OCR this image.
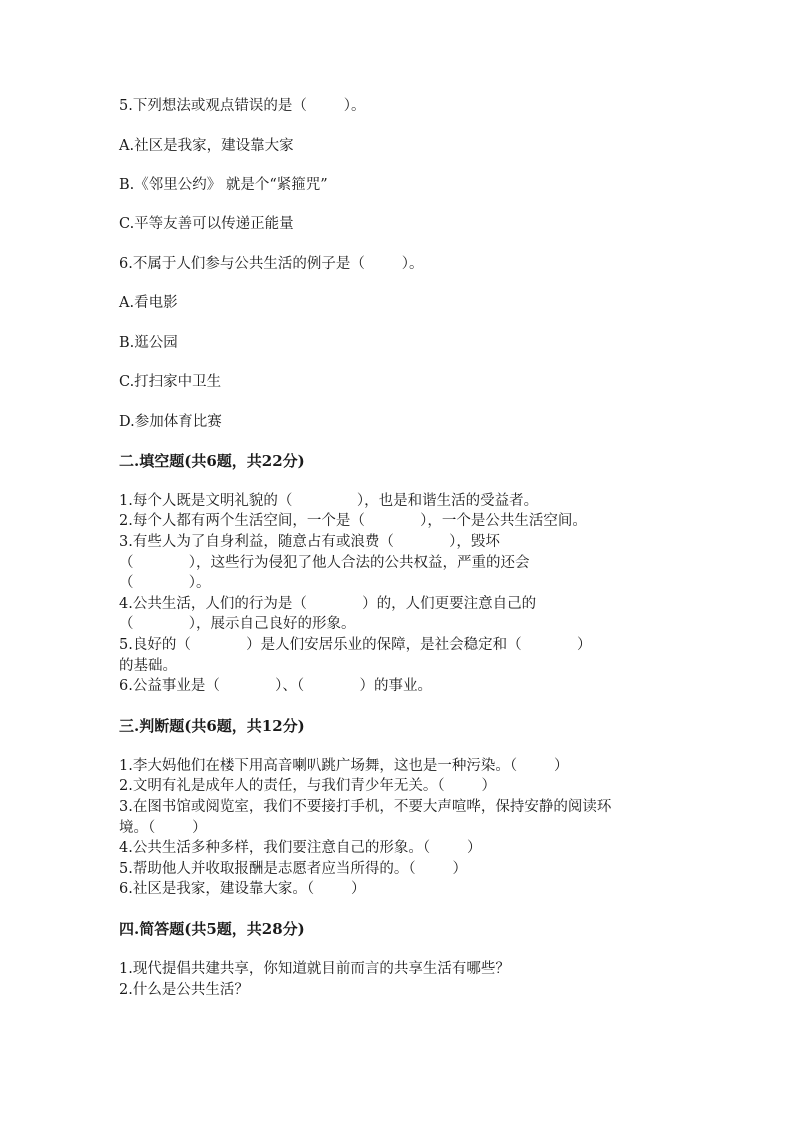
5.下列想法或观点错误的是（        ）。
A.社区是我家，建设靠大家
B.《邻里公约》 就是个“紧箍咒”
C.平等友善可以传递正能量
6.不属于人们参与公共生活的例子是（        ）。
A.看电影
B.逛公园
C.打扫家中卫生
D.参加体育比赛
二.填空题(共6题，共22分)
1.每个人既是文明礼貌的（              ），也是和谐生活的受益者。
2.每个人都有两个生活空间，一个是（            ），一个是公共生活空间。
3.有些人为了自身利益，随意占有或浪费（            ），毁坏
（            ），这些行为侵犯了他人合法的公共权益，严重的还会
（            ）。
4.公共生活，人们的行为是（            ）的，人们更要注意自己的
（            ），展示自己良好的形象。
5.良好的（            ）是人们安居乐业的保障，是社会稳定和（            ）
的基础。
6.公益事业是（            ）、（            ）的事业。
三.判断题(共6题，共12分)
1.李大妈他们在楼下用高音喇叭跳广场舞，这也是一种污染。（        ）
2.文明有礼是成年人的责任，与我们青少年无关。（        ）
3.在图书馆或阅览室，我们不要接打手机，不要大声喧哗，保持安静的阅读环
境。（        ）
4.公共生活多种多样，我们要注意自己的形象。（        ）
5.帮助他人并收取报酬是志愿者应当所得的。（        ）
6.社区是我家，建设靠大家。（        ）
四.简答题(共5题，共28分)
1.现代提倡共建共享，你知道就目前而言的共享生活有哪些？
2.什么是公共生活？
